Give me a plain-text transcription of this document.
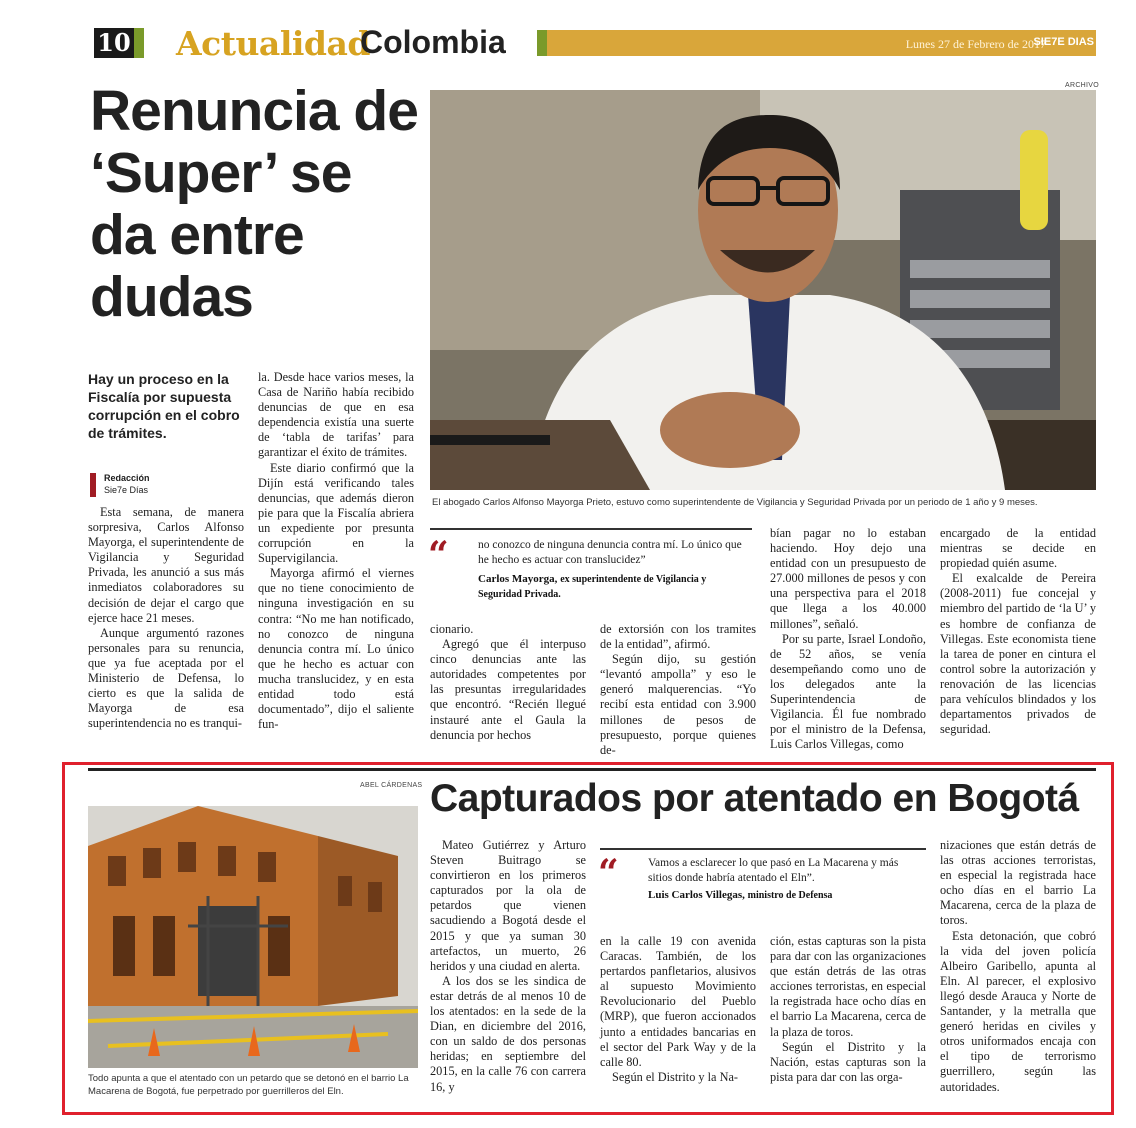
10 Actualidad
Colombia	Lunes 27 de Febrero de 2017
SIE7E DIAS
Renuncia de ‘Super’ se da entre dudas
ARCHIVO
El abogado Carlos Alfonso Mayorga Prieto, estuvo como superintendente de Vigilancia y Seguridad Privada por un periodo de 1 año y 9 meses.
Hay un proceso en la Fiscalía por supuesta corrupción en el cobro de trámites.
Redacción
Sie7e Días

Esta semana, de manera sorpresiva, Carlos Alfonso Mayorga, el superintendente de Vigilancia y Seguridad Privada, les anunció a sus más inmediatos colaboradores su decisión de dejar el cargo que ejerce hace 21 meses.

Aunque argumentó razones personales para su renuncia, que ya fue aceptada por el Ministerio de Defensa, lo cierto es que la salida de Mayorga de esa superintendencia no es tranqui-

la. Desde hace varios meses, la Casa de Nariño había recibido denuncias de que en esa dependencia existía una suerte de ‘tabla de tarifas’ para garantizar el éxito de trámites.

Este diario confirmó que la Dijín está verificando tales denuncias, que además dieron pie para que la Fiscalía abriera un expediente por presunta corrupción en la Supervigilancia.

Mayorga afirmó el viernes que no tiene conocimiento de ninguna investigación en su contra: “No me han notificado, no conozco de ninguna denuncia contra mí. Lo único que he hecho es actuar con mucha translucidez, y en esta entidad todo está documentado”, dijo el saliente fun-

“	no conozco de ninguna denuncia contra mí. Lo único que he hecho es actuar con translucidez”
Carlos Mayorga, ex superintendente de Vigilancia y Seguridad Privada.

cionario.

Agregó que él interpuso cinco denuncias ante las autoridades competentes por las presuntas irregularidades que encontró. “Recién llegué instauré ante el Gaula la denuncia por hechos

de extorsión con los tramites de la entidad”, afirmó.

Según dijo, su gestión “levantó ampolla” y eso le generó malquerencias. “Yo recibí esta entidad con 3.900 millones de pesos de presupuesto, porque quienes de-

bían pagar no lo estaban haciendo. Hoy dejo una entidad con un presupuesto de 27.000 millones de pesos y con una perspectiva para el 2018 que llega a los 40.000 millones”, señaló.

Por su parte, Israel Londoño, de 52 años, se venía desempeñando como uno de los delegados ante la Superintendencia de Vigilancia. Él fue nombrado por el ministro de la Defensa, Luis Carlos Villegas, como

encargado de la entidad mientras se decide en propiedad quién asume.

El exalcalde de Pereira (2008-2011) fue concejal y miembro del partido de ‘la U’ y es hombre de confianza de Villegas. Este economista tiene la tarea de poner en cintura el control sobre la autorización y renovación de las licencias para vehículos blindados y los departamentos privados de seguridad.

Capturados por atentado en Bogotá
ABEL CÁRDENAS
Todo apunta a que el atentado con un petardo que se detonó en el barrio La Macarena de Bogotá, fue perpetrado por guerrilleros del Eln.

Mateo Gutiérrez y Arturo Steven Buitrago se convirtieron en los primeros capturados por la ola de petardos que vienen sacudiendo a Bogotá desde el 2015 y que ya suman 30 artefactos, un muerto, 26 heridos y una ciudad en alerta.

A los dos se les sindica de estar detrás de al menos 10 de los atentados: en la sede de la Dian, en diciembre del 2016, con un saldo de dos personas heridas; en septiembre del 2015, en la calle 76 con carrera 16, y

“	Vamos a esclarecer lo que pasó en La Macarena y más sitios donde habría atentado el Eln”.
Luis Carlos Villegas, ministro de Defensa

en la calle 19 con avenida Caracas. También, de los pertardos panfletarios, alusivos al supuesto Movimiento Revolucionario del Pueblo (MRP), que fueron accionados junto a entidades bancarias en el sector del Park Way y de la calle 80.

Según el Distrito y la Na-

ción, estas capturas son la pista para dar con las organizaciones que están detrás de las otras acciones terroristas, en especial la registrada hace ocho días en el barrio La Macarena, cerca de la plaza de toros.

Según el Distrito y la Nación, estas capturas son la pista para dar con las orga-

nizaciones que están detrás de las otras acciones terroristas, en especial la registrada hace ocho días en el barrio La Macarena, cerca de la plaza de toros.

Esta detonación, que cobró la vida del joven policía Albeiro Garibello, apunta al Eln. Al parecer, el explosivo llegó desde Arauca y Norte de Santander, y la metralla que generó heridas en civiles y otros uniformados encaja con el tipo de terrorismo guerrillero, según las autoridades.
